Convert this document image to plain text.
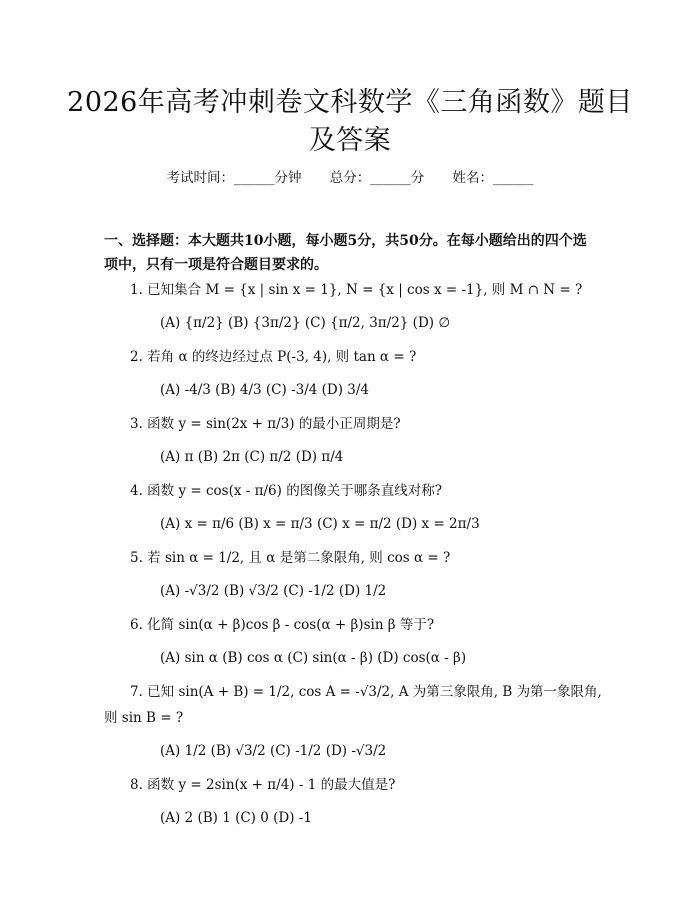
2026年高考冲刺卷文科数学《三角函数》题目及答案
考试时间：______分钟 总分：______分 姓名：______
一、选择题：本大题共10小题，每小题5分，共50分。在每小题给出的四个选项中，只有一项是符合题目要求的。

1. 已知集合 M = {x | sin x = 1}, N = {x | cos x = -1}, 则 M ∩ N = ?

(A) {π/2} (B) {3π/2} (C) {π/2, 3π/2} (D) ∅

2. 若角 α 的终边经过点 P(-3, 4), 则 tan α = ?

(A) -4/3 (B) 4/3 (C) -3/4 (D) 3/4

3. 函数 y = sin(2x + π/3) 的最小正周期是?

(A) π (B) 2π (C) π/2 (D) π/4

4. 函数 y = cos(x - π/6) 的图像关于哪条直线对称?

(A) x = π/6 (B) x = π/3 (C) x = π/2 (D) x = 2π/3

5. 若 sin α = 1/2, 且 α 是第二象限角, 则 cos α = ?

(A) -√3/2 (B) √3/2 (C) -1/2 (D) 1/2

6. 化简 sin(α + β)cos β - cos(α + β)sin β 等于?

(A) sin α (B) cos α (C) sin(α - β) (D) cos(α - β)

7. 已知 sin(A + B) = 1/2, cos A = -√3/2, A 为第三象限角, B 为第一象限角, 则 sin B = ?

(A) 1/2 (B) √3/2 (C) -1/2 (D) -√3/2

8. 函数 y = 2sin(x + π/4) - 1 的最大值是?

(A) 2 (B) 1 (C) 0 (D) -1
